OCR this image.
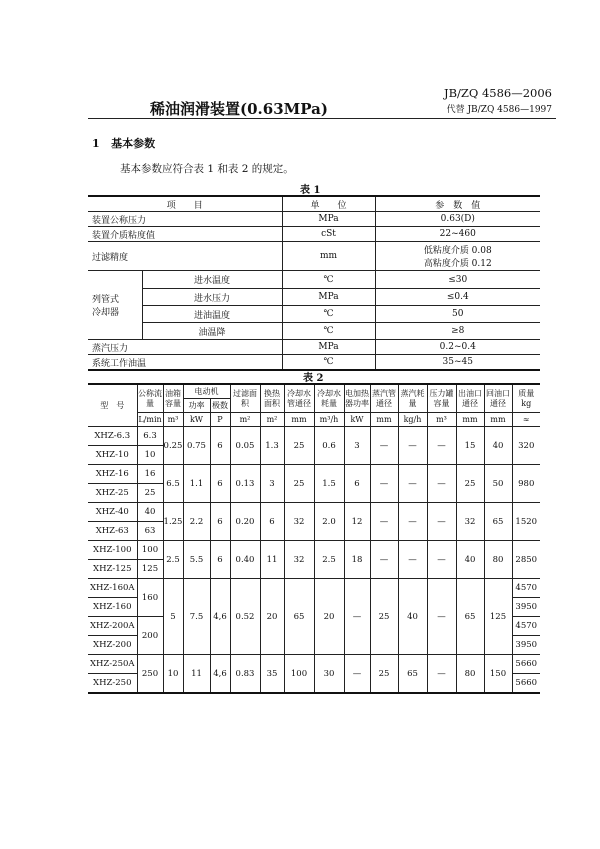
JB/ZQ 4586—2006
代替 JB/ZQ 4586—1997
稀油润滑装置(0.63MPa)
1 基本参数
基本参数应符合表 1 和表 2 的规定。
表 1
项　　目		单　　位	参　数　值
装置公称压力		MPa	0.63(D)
装置介质粘度值		cSt	22~460
过滤精度		mm	低粘度介质 0.08
高粘度介质 0.12

列管式冷却器	进水温度	℃	≤30
	进水压力	MPa	≤0.4
	进油温度	℃	50
	油温降	℃	≥8
蒸汽压力		MPa	0.2~0.4
系统工作油温		℃	35~45
表 2
型　号	公称流量	油箱容量	电动机		过滤面积	换热面积	冷却水管通径	冷却水耗量	电加热器功率	蒸汽管通径	蒸汽耗量	压力罐容量	出油口通径	回油口通径	质量
kg
			功率	极数											
	L/min	m³	kW	P	m²	m²	mm	m³/h	kW	mm	kg/h	m³	mm	mm	≈
XHZ-6.3	6.3	0.25	0.75	6	0.05	1.3	25	0.6	3	—	—	—	15	40	320
XHZ-10	10														
XHZ-16	16	6.5	1.1	6	0.13	3	25	1.5	6	—	—	—	25	50	980
XHZ-25	25														
XHZ-40	40	1.25	2.2	6	0.20	6	32	2.0	12	—	—	—	32	65	1520
XHZ-63	63														
XHZ-100	100	2.5	5.5	6	0.40	11	32	2.5	18	—	—	—	40	80	2850
XHZ-125	125														
XHZ-160A	160	5	7.5	4,6	0.52	20	65	20	—	25	40	—	65	125	4570
XHZ-160															3950
XHZ-200A	200														4570
XHZ-200															3950
XHZ-250A	250	10	11	4,6	0.83	35	100	30	—	25	65	—	80	150	5660
XHZ-250															5660
